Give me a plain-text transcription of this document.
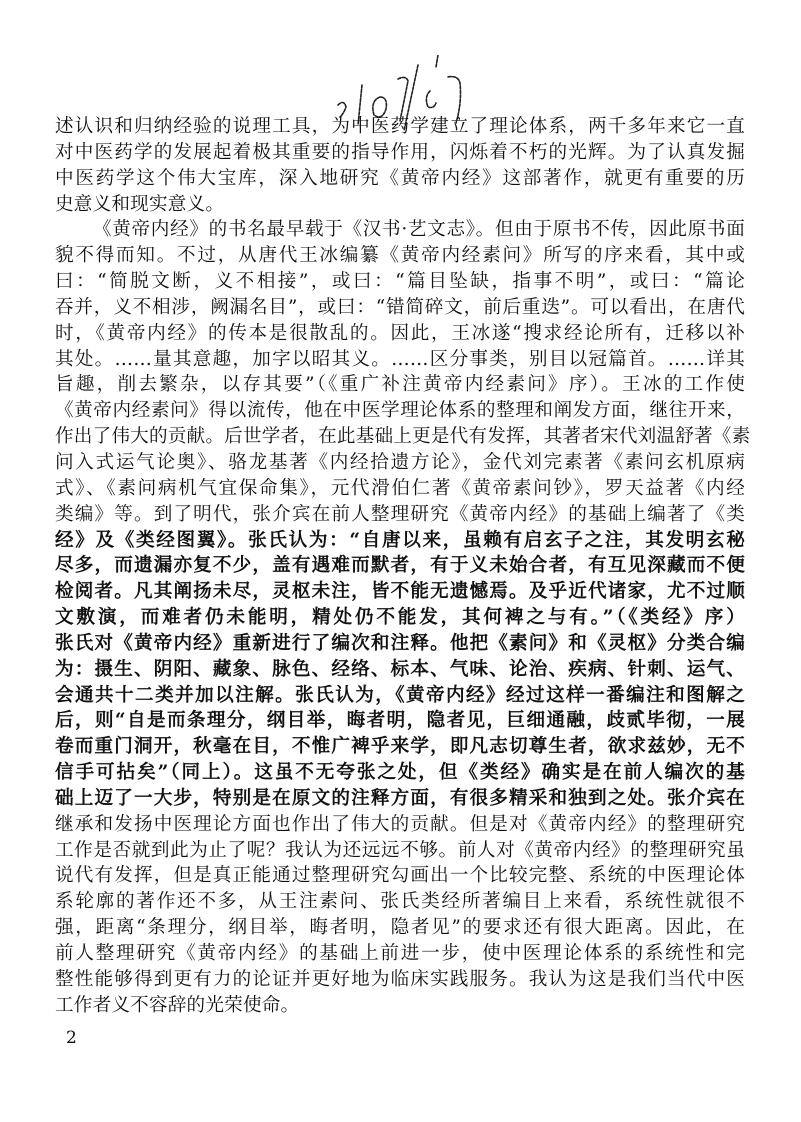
述认识和归纳经验的说理工具，为中医药学建立了理论体系，两千多年来它一直
对中医药学的发展起着极其重要的指导作用，闪烁着不朽的光辉。为了认真发掘
中医药学这个伟大宝库，深入地研究《黄帝内经》这部著作，就更有重要的历
史意义和现实意义。
《黄帝内经》的书名最早载于《汉书·艺文志》。但由于原书不传，因此原书面
貌不得而知。不过，从唐代王冰编纂《黄帝内经素问》所写的序来看，其中或
曰：“简脱文断，义不相接”，或曰：“篇目坠缺，指事不明”，或曰：“篇论
吞并，义不相涉，阙漏名目”，或曰：“错简碎文，前后重迭”。可以看出，在唐代
时，《黄帝内经》的传本是很散乱的。因此，王冰遂“搜求经论所有，迁移以补
其处。……量其意趣，加字以昭其义。……区分事类，别目以冠篇首。……详其
旨趣，削去繁杂，以存其要”（《重广补注黄帝内经素问》序）。王冰的工作使
《黄帝内经素问》得以流传，他在中医学理论体系的整理和阐发方面，继往开来，
作出了伟大的贡献。后世学者，在此基础上更是代有发挥，其著者宋代刘温舒著《素
问入式运气论奥》、骆龙基著《内经拾遗方论》，金代刘完素著《素问玄机原病
式》、《素问病机气宜保命集》，元代滑伯仁著《黄帝素问钞》，罗天益著《内经
类编》等。到了明代，张介宾在前人整理研究《黄帝内经》的基础上编著了《类
经》及《类经图翼》。张氏认为：“自唐以来，虽赖有启玄子之注，其发明玄秘
尽多，而遗漏亦复不少，盖有遇难而默者，有于义未始合者，有互见深藏而不便
检阅者。凡其阐扬未尽，灵枢未注，皆不能无遗憾焉。及乎近代诸家，尤不过顺
文敷演，而难者仍未能明，精处仍不能发，其何裨之与有。”（《类经》序）
张氏对《黄帝内经》重新进行了编次和注释。他把《素问》和《灵枢》分类合编
为：摄生、阴阳、藏象、脉色、经络、标本、气味、论治、疾病、针刺、运气、
会通共十二类并加以注解。张氏认为，《黄帝内经》经过这样一番编注和图解之
后，则“自是而条理分，纲目举，晦者明，隐者见，巨细通融，歧贰毕彻，一展
卷而重门洞开，秋毫在目，不惟广裨乎来学，即凡志切尊生者，欲求兹妙，无不
信手可拈矣”（同上）。这虽不无夸张之处，但《类经》确实是在前人编次的基
础上迈了一大步，特别是在原文的注释方面，有很多精采和独到之处。张介宾在
继承和发扬中医理论方面也作出了伟大的贡献。但是对《黄帝内经》的整理研究
工作是否就到此为止了呢？我认为还远远不够。前人对《黄帝内经》的整理研究虽
说代有发挥，但是真正能通过整理研究勾画出一个比较完整、系统的中医理论体
系轮廓的著作还不多，从王注素问、张氏类经所著编目上来看，系统性就很不
强，距离“条理分，纲目举，晦者明，隐者见”的要求还有很大距离。因此，在
前人整理研究《黄帝内经》的基础上前进一步，使中医理论体系的系统性和完
整性能够得到更有力的论证并更好地为临床实践服务。我认为这是我们当代中医
工作者义不容辞的光荣使命。
2
